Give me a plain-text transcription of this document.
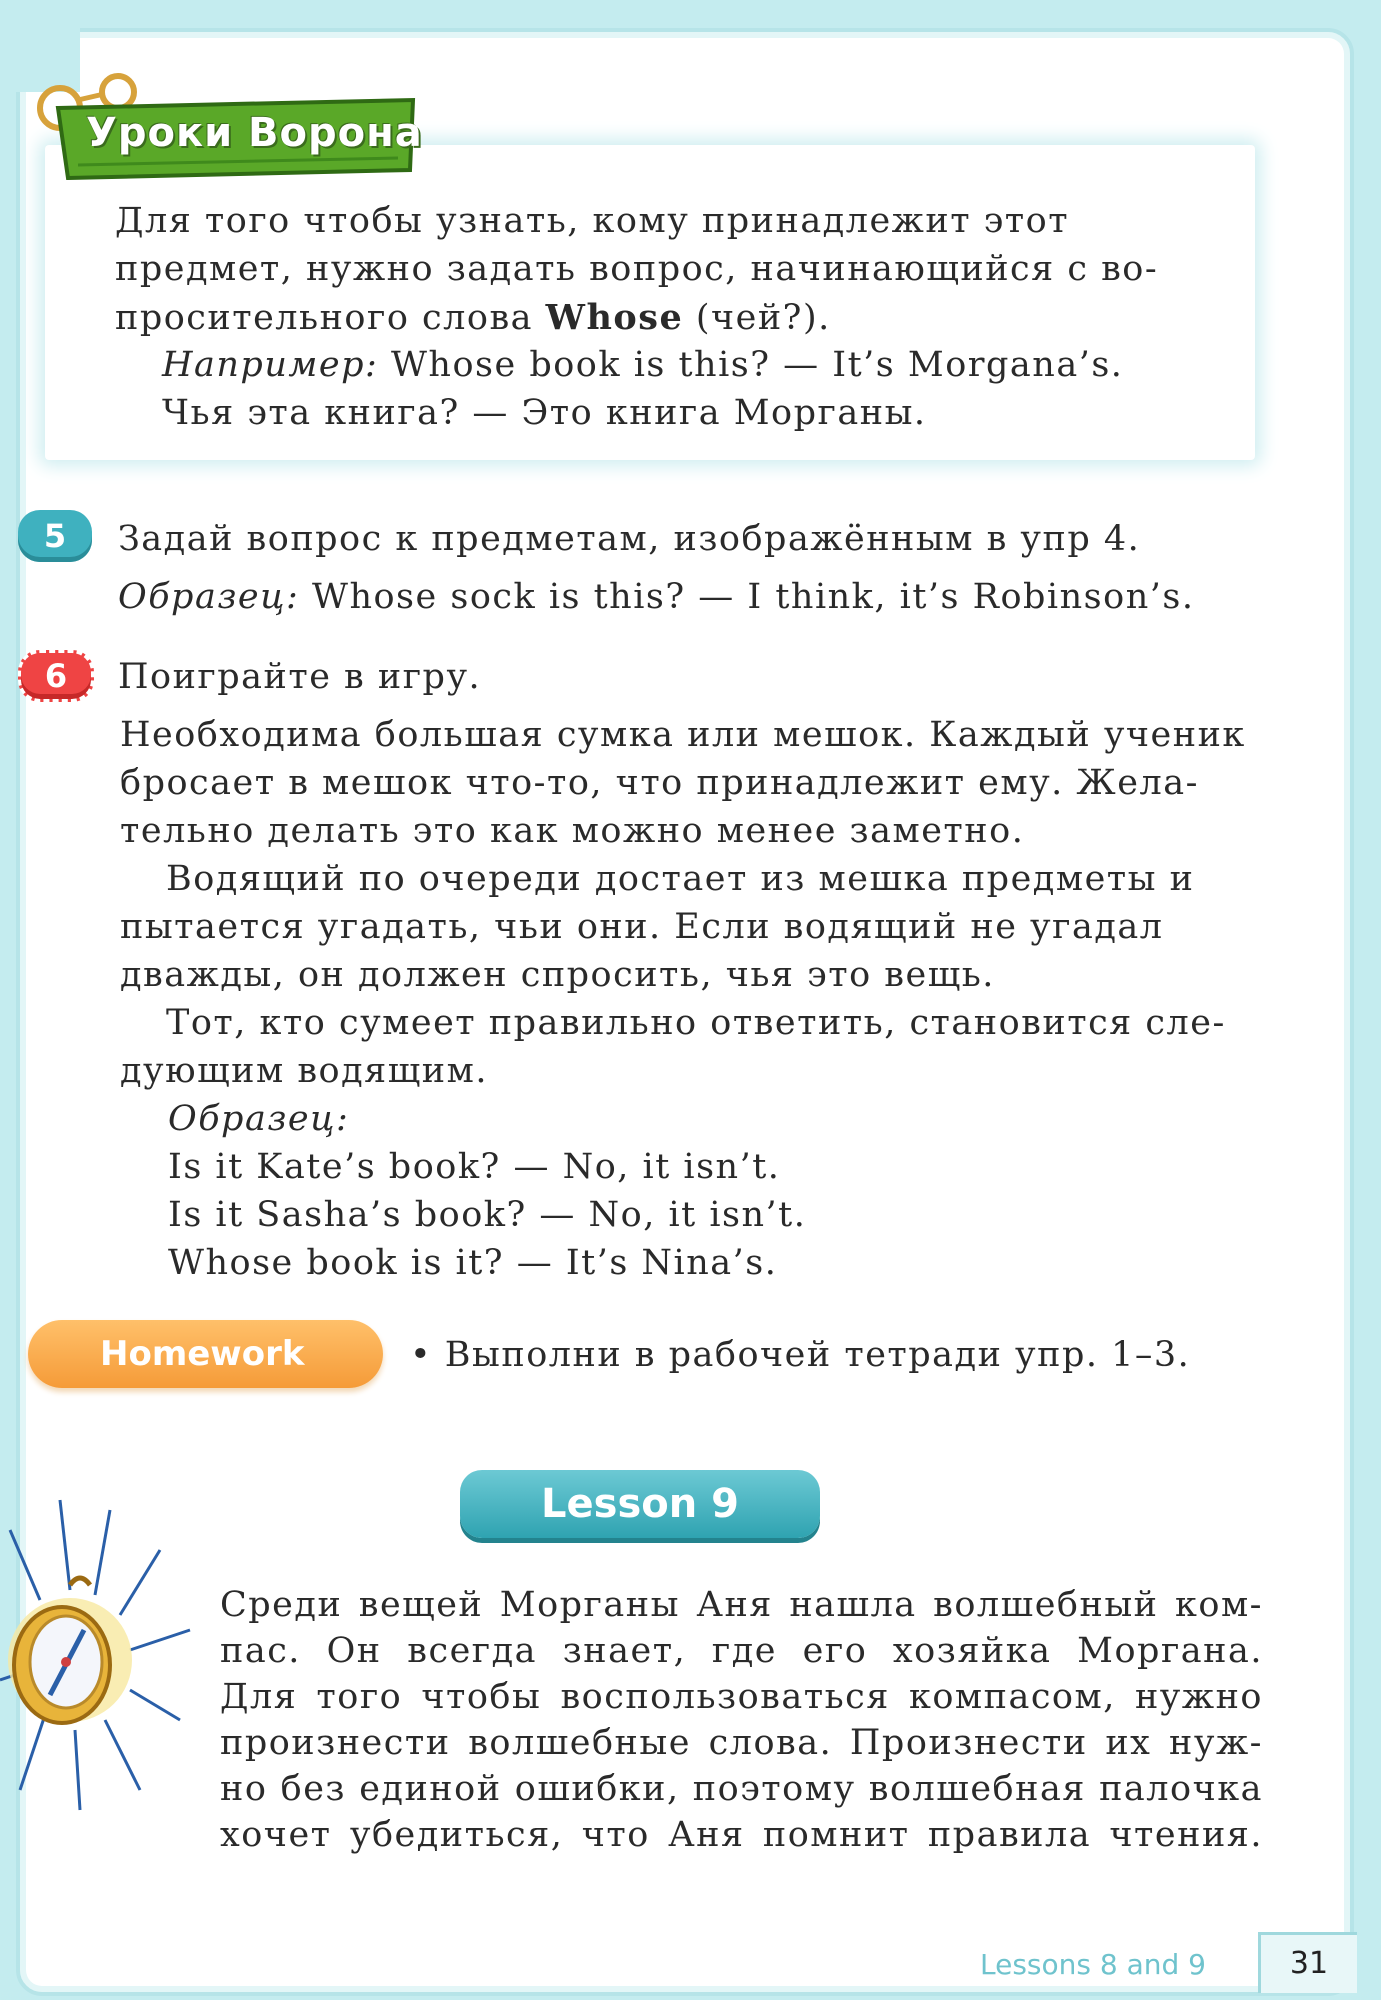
Уроки Ворона

Для того чтобы узнать, кому принадлежит этот

предмет, нужно задать вопрос, начинающийся с во-

просительного слова Whose (чей?).

Например: Whose book is this? — It’s Morgana’s.

Чья эта книга? — Это книга Морганы.

5	Задай вопрос к предметам, изображённым в упр 4.

Образец: Whose sock is this? — I think, it’s Robinson’s.

6	Поиграйте в игру.

Необходима большая сумка или мешок. Каждый ученик

бросает в мешок что-то, что принадлежит ему. Жела-

тельно делать это как можно менее заметно.

Водящий по очереди достает из мешка предметы и

пытается угадать, чьи они. Если водящий не угадал

дважды, он должен спросить, чья это вещь.

Тот, кто сумеет правильно ответить, становится сле-

дующим водящим.

Образец:

Is it Kate’s book? — No, it isn’t.

Is it Sasha’s book? — No, it isn’t.

Whose book is it? — It’s Nina’s.

Homework	• Выполни в рабочей тетради упр. 1–3.

Lesson 9

Среди вещей Морганы Аня нашла волшебный ком-

пас. Он всегда знает, где его хозяйка Моргана.

Для того чтобы воспользоваться компасом, нужно

произнести волшебные слова. Произнести их нуж-

но без единой ошибки, поэтому волшебная палочка

хочет убедиться, что Аня помнит правила чтения.

Lessons 8 and 9	31
